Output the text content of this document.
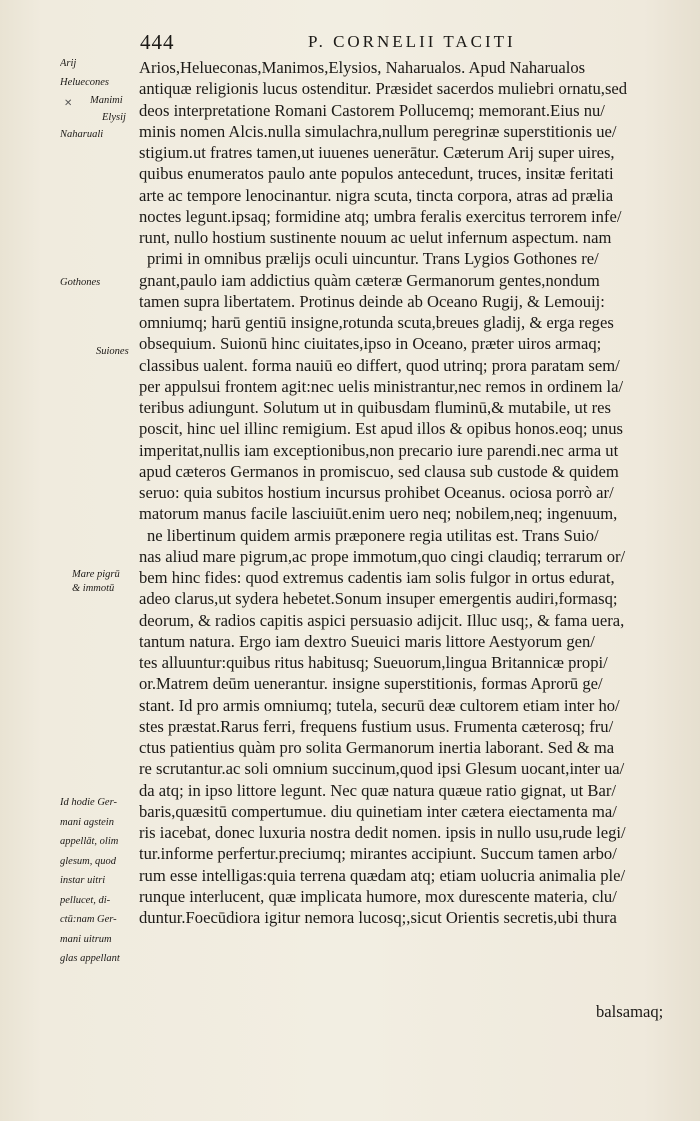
444	P. CORNELII TACITI
Arios,Helueconas,Manimos,Elysios, Naharualos. Apud Naharualos
antiquæ religionis lucus ostenditur. Præsidet sacerdos muliebri ornatu,sed
deos interpretatione Romani Castorem Pollucemq; memorant.Eius nu/
minis nomen Alcis.nulla simulachra,nullum peregrinæ superstitionis ue/
stigium.ut fratres tamen,ut iuuenes uenerātur. Cæterum Arij super uires,
quibus enumeratos paulo ante populos antecedunt, truces, insitæ feritati
arte ac tempore lenocinantur. nigra scuta, tincta corpora, atras ad prælia
noctes legunt.ipsaq; formidine atq; umbra feralis exercitus terrorem infe/
runt, nullo hostium sustinente nouum ac uelut infernum aspectum. nam
primi in omnibus prælijs oculi uincuntur. Trans Lygios Gothones re/
gnant,paulo iam addictius quàm cæteræ Germanorum gentes,nondum
tamen supra libertatem. Protinus deinde ab Oceano Rugij, & Lemouij:
omniumq; harū gentiū insigne,rotunda scuta,breues gladij, & erga reges
obsequium. Suionū hinc ciuitates,ipso in Oceano, præter uiros armaq;
classibus ualent. forma nauiū eo differt, quod utrinq; prora paratam sem/
per appulsui frontem agit:nec uelis ministrantur,nec remos in ordinem la/
teribus adiungunt. Solutum ut in quibusdam fluminū,& mutabile, ut res
poscit, hinc uel illinc remigium. Est apud illos & opibus honos.eoq; unus
imperitat,nullis iam exceptionibus,non precario iure parendi.nec arma ut
apud cæteros Germanos in promiscuo, sed clausa sub custode & quidem
seruo: quia subitos hostium incursus prohibet Oceanus. ociosa porrò ar/
matorum manus facile lasciuiūt.enim uero neq; nobilem,neq; ingenuum,
ne libertinum quidem armis præponere regia utilitas est. Trans Suio/
nas aliud mare pigrum,ac prope immotum,quo cingi claudiq; terrarum or/
bem hinc fides: quod extremus cadentis iam solis fulgor in ortus edurat,
adeo clarus,ut sydera hebetet.Sonum insuper emergentis audiri,formasq;
deorum, & radios capitis aspici persuasio adijcit. Illuc usq;, & fama uera,
tantum natura. Ergo iam dextro Sueuici maris littore Aestyorum gen/
tes alluuntur:quibus ritus habitusq; Sueuorum,lingua Britannicæ propi/
or.Matrem deūm uenerantur. insigne superstitionis, formas Aprorū ge/
stant. Id pro armis omniumq; tutela, securū deæ cultorem etiam inter ho/
stes præstat.Rarus ferri, frequens fustium usus. Frumenta cæterosq; fru/
ctus patientius quàm pro solita Germanorum inertia laborant. Sed & ma
re scrutantur.ac soli omnium succinum,quod ipsi Glesum uocant,inter ua/
da atq; in ipso littore legunt. Nec quæ natura quæue ratio gignat, ut Bar/
baris,quæsitū compertumue. diu quinetiam inter cætera eiectamenta ma/
ris iacebat, donec luxuria nostra dedit nomen. ipsis in nullo usu,rude legi/
tur.informe perfertur.preciumq; mirantes accipiunt. Succum tamen arbo/
rum esse intelligas:quia terrena quædam atq; etiam uolucria animalia ple/
runque interlucent, quæ implicata humore, mox durescente materia, clu/
duntur.Foecūdiora igitur nemora lucosq;,sicut Orientis secretis,ubi thura
balsamaq;
✕
Arij
Heluecones
Manimi
Elysij
Naharuali
Gothones
Suiones
Mare pigrū
& immotū
Id hodie Ger-
mani agstein
appellāt, olim
glesum, quod
instar uitri
pellucet, di-
ctū:nam Ger-
mani uitrum
glas appellant
